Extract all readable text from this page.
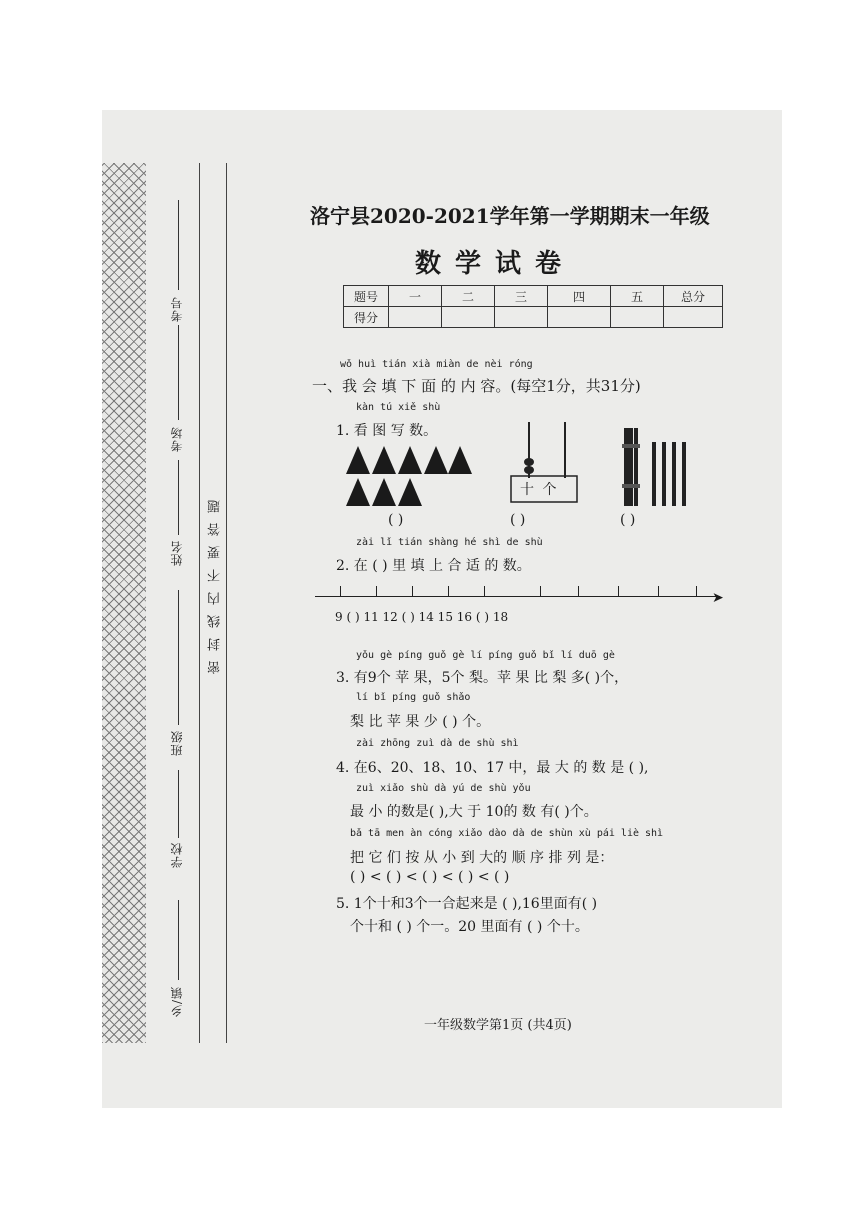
考号
考场
姓名
班级
学校
乡/镇
密封线内不要答题
洛宁县2020-2021学年第一学期期末一年级
数学试卷
题号	一	二	三	四	五	总分
得分						
wǒ huì tián xià miàn de nèi róng
一、我 会 填 下 面 的 内 容。(每空1分，共31分)
kàn tú xiě shù
1. 看 图 写 数。
十 个
( )	( )	( )
zài lǐ tián shàng hé shì de shù
2. 在 ( ) 里 填 上 合 适 的 数。
➤
9 ( ) 11 12 ( ) 14 15 16 ( ) 18
yǒu gè píng guǒ gè lí píng guǒ bǐ lí duō gè
3. 有9个 苹 果，5个 梨。苹 果 比 梨 多( )个，
lí bǐ píng guǒ shǎo
梨 比 苹 果 少 ( ) 个。
zài zhōng zuì dà de shù shì
4. 在6、20、18、10、17 中，最 大 的 数 是 ( ),
zuì xiǎo shù dà yú de shù yǒu
最 小 的数是( ),大 于 10的 数 有( )个。
bǎ tā men àn cóng xiǎo dào dà de shùn xù pái liè shì
把 它 们 按 从 小 到 大的 顺 序 排 列 是：
( ) < ( ) < ( ) < ( ) < ( )
5. 1个十和3个一合起来是 ( ),16里面有( )
个十和 ( ) 个一。20 里面有 ( ) 个十。
一年级数学第1页 (共4页)
